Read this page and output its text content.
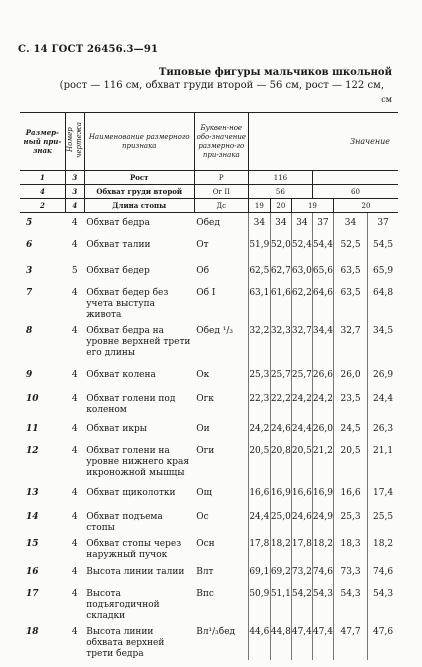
С. 14 ГОСТ 26456.3—91
Типовые фигуры мальчиков школьной
(рост — 116 см, обхват груди второй — 56 см, рост — 122 см,
см
Размер-ный при-знак	Номер чертежа	Наименование размерного признака	Буквен-ное обо-значение размерно-го при-знака	Значение					
1	3	Рост	Р	116					
4	3	Обхват груди второй	Ог II	56			60		
2	4	Длина стопы	Дс	19	20	19		20	
5	4	Обхват бедра	Обед	34	34	34	37	34	37
6	4	Обхват талии	От	51,9	52,0	52,4	54,4	52,5	54,5
3	5	Обхват бедер	Об	62,5	62,7	63,0	65,6	63,5	65,9
7	4	Обхват бедер без учета выступа живота	Об I	63,1	61,6	62,2	64,6	63,5	64,8
8	4	Обхват бедра на уровне верхней трети его длины	Обед ¹/₃	32,2	32,3	32,7	34,4	32,7	34,5
9	4	Обхват колена	Ок	25,3	25,7	25,7	26,6	26,0	26,9
10	4	Обхват голени под коленом	Огк	22,3	22,2	24,2	24,2	23,5	24,4
11	4	Обхват икры	Ои	24,2	24,6	24,4	26,0	24,5	26,3
12	4	Обхват голени на уровне нижнего края икроножной мышцы	Оги	20,5	20,8	20,5	21,2	20,5	21,1
13	4	Обхват щиколотки	Ощ	16,6	16,9	16,6	16,9	16,6	17,4
14	4	Обхват подъема стопы	Ос	24,4	25,0	24,6	24,9	25,3	25,5
15	4	Обхват стопы через наружный пучок	Осн	17,8	18,2	17,8	18,2	18,3	18,2
16	4	Высота линии талии	Влт	69,1	69,2	73,2	74,6	73,3	74,6
17	4	Высота подъягодичной складки	Впс	50,9	51,1	54,2	54,3	54,3	54,3
18	4	Высота линии обхвата верхней трети бедра	Вл¹/₃бед	44,6	44,8	47,4	47,4	47,7	47,6
